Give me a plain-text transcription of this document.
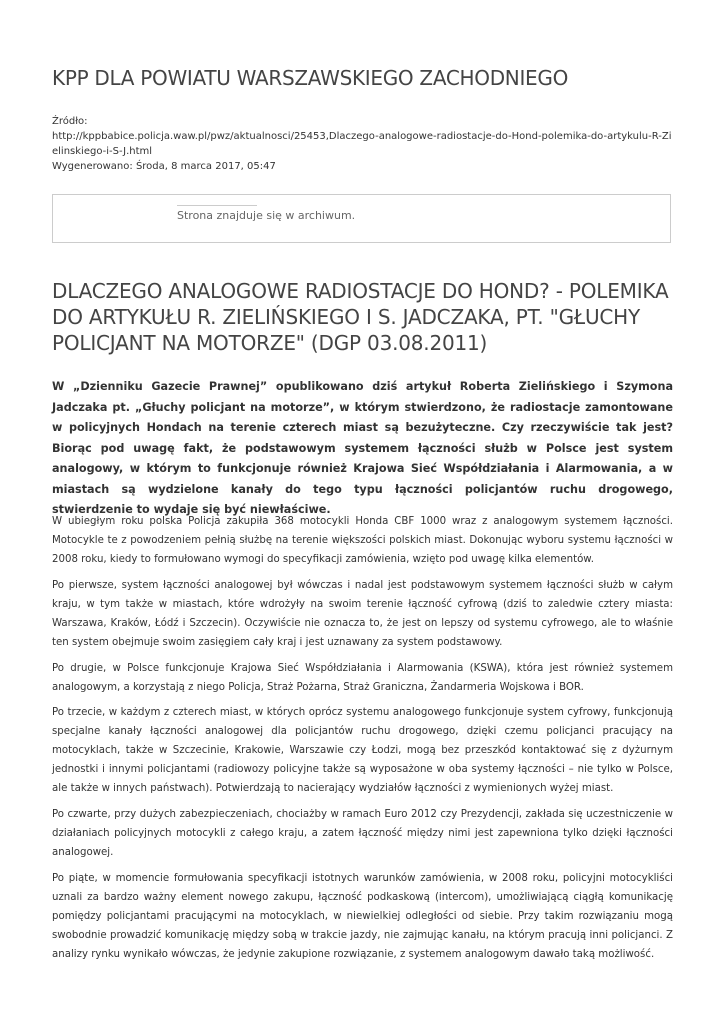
KPP DLA POWIATU WARSZAWSKIEGO ZACHODNIEGO
Źródło:
http://kppbabice.policja.waw.pl/pwz/aktualnosci/25453,Dlaczego-analogowe-radiostacje-do-Hond-polemika-do-artykulu-R-Zielinskiego-i-S-J.html
Wygenerowano: Środa, 8 marca 2017, 05:47
Strona znajduje się w archiwum.
DLACZEGO ANALOGOWE RADIOSTACJE DO HOND? - POLEMIKA DO ARTYKUŁU R. ZIELIŃSKIEGO I S. JADCZAKA, PT. "GŁUCHY POLICJANT NA MOTORZE" (DGP 03.08.2011)

W „Dzienniku Gazecie Prawnej” opublikowano dziś artykuł Roberta Zielińskiego i Szymona Jadczaka pt. „Głuchy policjant na motorze”, w którym stwierdzono, że radiostacje zamontowane w policyjnych Hondach na terenie czterech miast są bezużyteczne. Czy rzeczywiście tak jest? Biorąc pod uwagę fakt, że podstawowym systemem łączności służb w Polsce jest system analogowy, w którym to funkcjonuje również Krajowa Sieć Współdziałania i Alarmowania, a w miastach są wydzielone kanały do tego typu łączności policjantów ruchu drogowego, stwierdzenie to wydaje się być niewłaściwe.

W ubiegłym roku polska Policja zakupiła 368 motocykli Honda CBF 1000 wraz z analogowym systemem łączności. Motocykle te z powodzeniem pełnią służbę na terenie większości polskich miast. Dokonując wyboru systemu łączności w 2008 roku, kiedy to formułowano wymogi do specyfikacji zamówienia, wzięto pod uwagę kilka elementów.

Po pierwsze, system łączności analogowej był wówczas i nadal jest podstawowym systemem łączności służb w całym kraju, w tym także w miastach, które wdrożyły na swoim terenie łączność cyfrową (dziś to zaledwie cztery miasta: Warszawa, Kraków, Łódź i Szczecin). Oczywiście nie oznacza to, że jest on lepszy od systemu cyfrowego, ale to właśnie ten system obejmuje swoim zasięgiem cały kraj i jest uznawany za system podstawowy.

Po drugie, w Polsce funkcjonuje Krajowa Sieć Współdziałania i Alarmowania (KSWA), która jest również systemem analogowym, a korzystają z niego Policja, Straż Pożarna, Straż Graniczna, Żandarmeria Wojskowa i BOR.

Po trzecie, w każdym z czterech miast, w których oprócz systemu analogowego funkcjonuje system cyfrowy, funkcjonują specjalne kanały łączności analogowej dla policjantów ruchu drogowego, dzięki czemu policjanci pracujący na motocyklach, także w Szczecinie, Krakowie, Warszawie czy Łodzi, mogą bez przeszkód kontaktować się z dyżurnym jednostki i innymi policjantami (radiowozy policyjne także są wyposażone w oba systemy łączności – nie tylko w Polsce, ale także w innych państwach). Potwierdzają to nacierający wydziałów łączności z wymienionych wyżej miast.

Po czwarte, przy dużych zabezpieczeniach, chociażby w ramach Euro 2012 czy Prezydencji, zakłada się uczestniczenie w działaniach policyjnych motocykli z całego kraju, a zatem łączność między nimi jest zapewniona tylko dzięki łączności analogowej.

Po piąte, w momencie formułowania specyfikacji istotnych warunków zamówienia, w 2008 roku, policyjni motocykliści uznali za bardzo ważny element nowego zakupu, łączność podkaskową (intercom), umożliwiającą ciągłą komunikację pomiędzy policjantami pracującymi na motocyklach, w niewielkiej odległości od siebie. Przy takim rozwiązaniu mogą swobodnie prowadzić komunikację między sobą w trakcie jazdy, nie zajmując kanału, na którym pracują inni policjanci. Z analizy rynku wynikało wówczas, że jedynie zakupione rozwiązanie, z systemem analogowym dawało taką możliwość.
